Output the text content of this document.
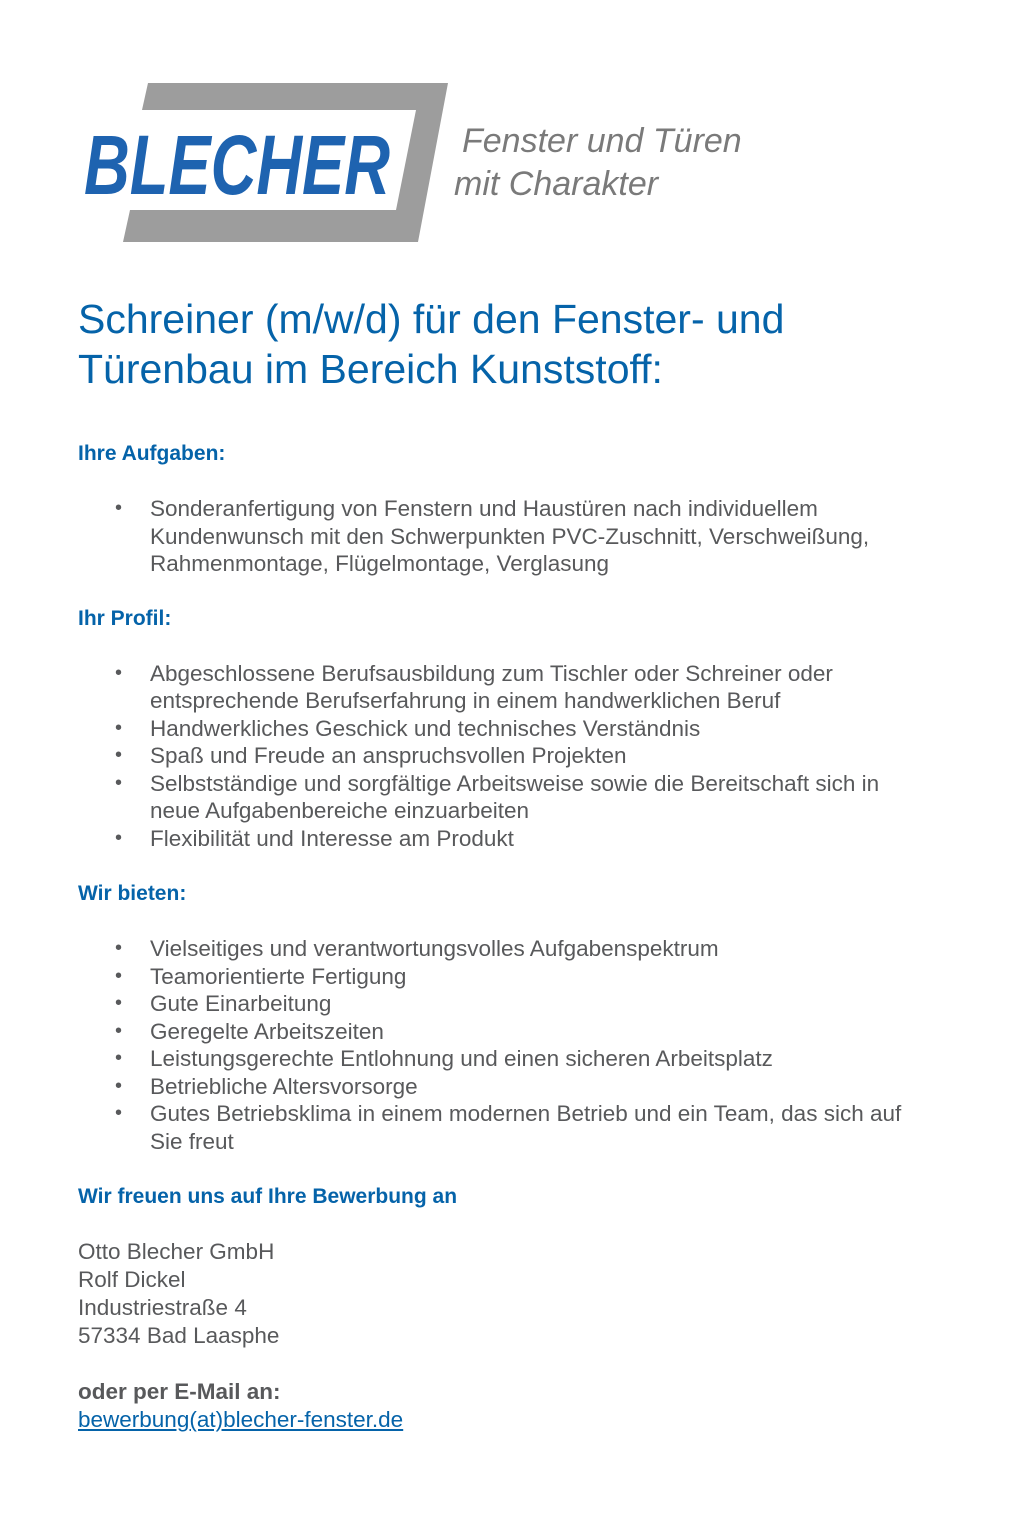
BLECHER Fenster und Türen
mit Charakter
Schreiner (m/w/d) für den Fenster- und
Türenbau im Bereich Kunststoff:
Ihre Aufgaben:
• Sonderanfertigung von Fenstern und Haustüren nach individuellem
Kundenwunsch mit den Schwerpunkten PVC-Zuschnitt, Verschweißung,
Rahmenmontage, Flügelmontage, Verglasung
Ihr Profil:
• Abgeschlossene Berufsausbildung zum Tischler oder Schreiner oder
entsprechende Berufserfahrung in einem handwerklichen Beruf
• Handwerkliches Geschick und technisches Verständnis
• Spaß und Freude an anspruchsvollen Projekten
• Selbstständige und sorgfältige Arbeitsweise sowie die Bereitschaft sich in
neue Aufgabenbereiche einzuarbeiten
• Flexibilität und Interesse am Produkt
Wir bieten:
• Vielseitiges und verantwortungsvolles Aufgabenspektrum
• Teamorientierte Fertigung
• Gute Einarbeitung
• Geregelte Arbeitszeiten
• Leistungsgerechte Entlohnung und einen sicheren Arbeitsplatz
• Betriebliche Altersvorsorge
• Gutes Betriebsklima in einem modernen Betrieb und ein Team, das sich auf
Sie freut
Wir freuen uns auf Ihre Bewerbung an
Otto Blecher GmbH
Rolf Dickel
Industriestraße 4
57334 Bad Laasphe
oder per E-Mail an:
bewerbung(at)blecher-fenster.de
